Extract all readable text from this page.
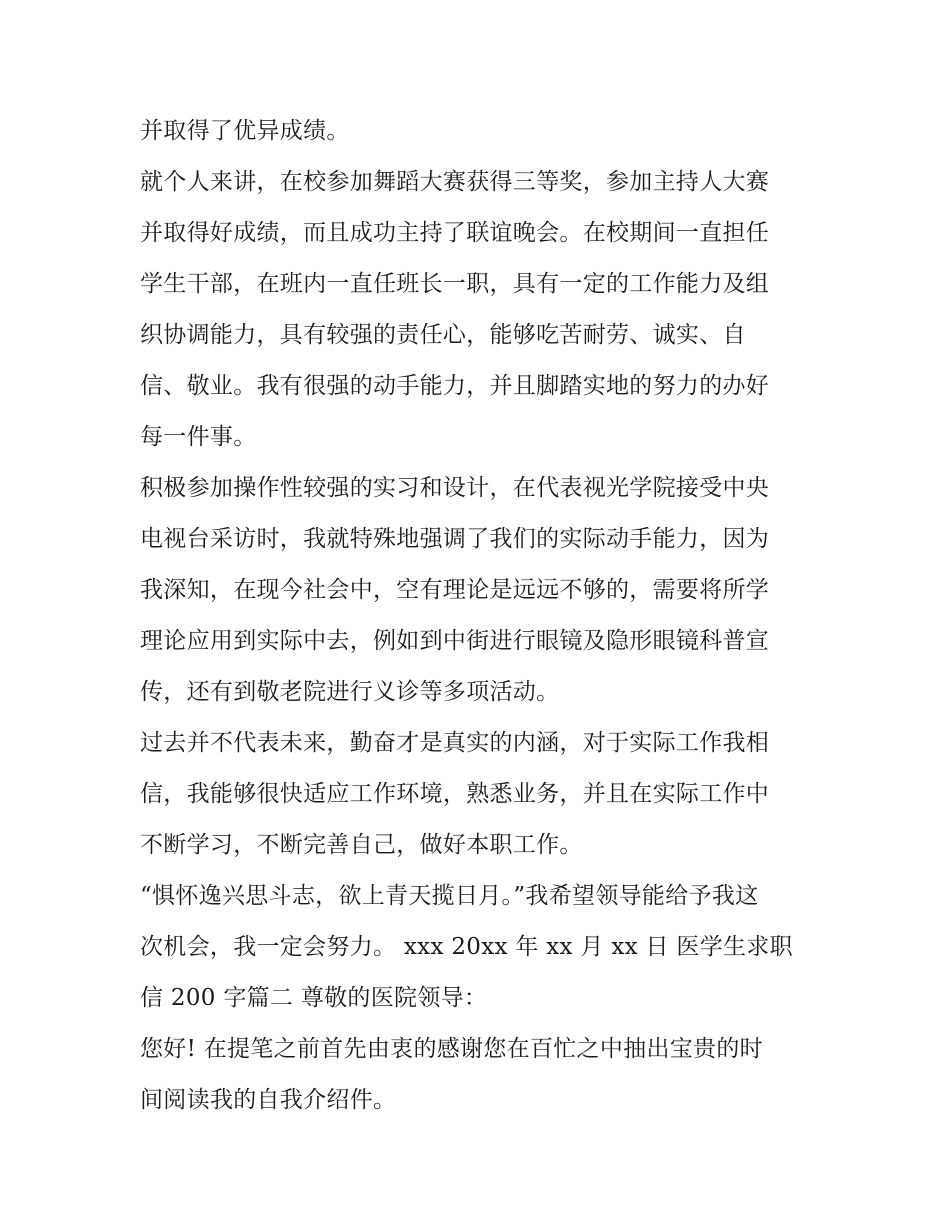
并取得了优异成绩。
就个人来讲，在校参加舞蹈大赛获得三等奖，参加主持人大赛
并取得好成绩，而且成功主持了联谊晚会。在校期间一直担任
学生干部，在班内一直任班长一职，具有一定的工作能力及组
织协调能力，具有较强的责任心，能够吃苦耐劳、诚实、自
信、敬业。我有很强的动手能力，并且脚踏实地的努力的办好
每一件事。
积极参加操作性较强的实习和设计，在代表视光学院接受中央
电视台采访时，我就特殊地强调了我们的实际动手能力，因为
我深知，在现今社会中，空有理论是远远不够的，需要将所学
理论应用到实际中去，例如到中街进行眼镜及隐形眼镜科普宣
传，还有到敬老院进行义诊等多项活动。
过去并不代表未来，勤奋才是真实的内涵，对于实际工作我相
信，我能够很快适应工作环境，熟悉业务，并且在实际工作中
不断学习，不断完善自己，做好本职工作。
“惧怀逸兴思斗志，欲上青天揽日月。”我希望领导能给予我这
次机会，我一定会努力。 xxx 20xx 年 xx 月 xx 日 医学生求职
信 200 字篇二 尊敬的医院领导：
您好! 在提笔之前首先由衷的感谢您在百忙之中抽出宝贵的时
间阅读我的自我介绍件。
